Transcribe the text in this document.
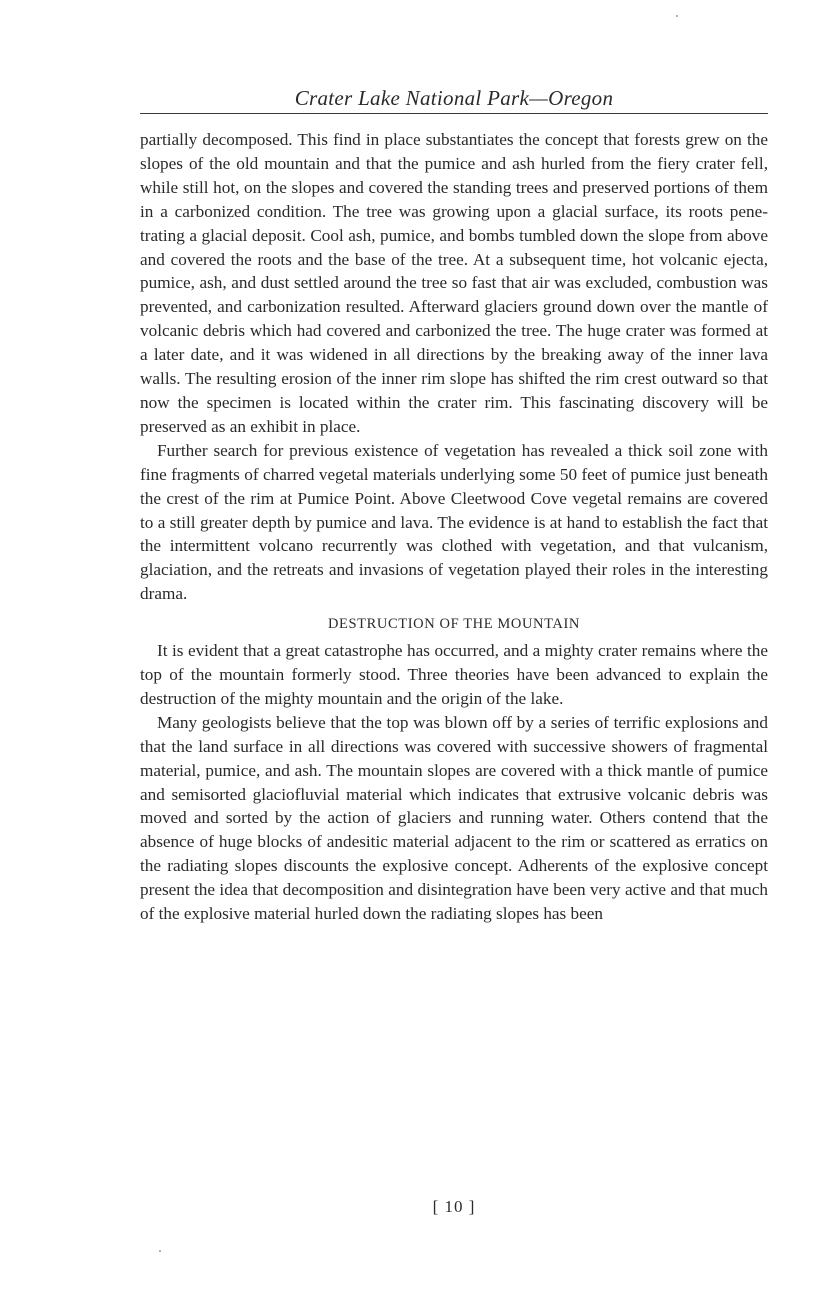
Crater Lake National Park—Oregon

partially decomposed. This find in place substantiates the concept that forests grew on the slopes of the old mountain and that the pumice and ash hurled from the fiery crater fell, while still hot, on the slopes and covered the standing trees and preserved portions of them in a carbonized condition. The tree was growing upon a glacial surface, its roots penetrating a glacial deposit. Cool ash, pumice, and bombs tumbled down the slope from above and covered the roots and the base of the tree. At a subsequent time, hot volcanic ejecta, pumice, ash, and dust settled around the tree so fast that air was excluded, combustion was prevented, and carbonization resulted. Afterward glaciers ground down over the mantle of volcanic debris which had covered and carbonized the tree. The huge crater was formed at a later date, and it was widened in all directions by the breaking away of the inner lava walls. The resulting erosion of the inner rim slope has shifted the rim crest outward so that now the specimen is located within the crater rim. This fascinating discovery will be preserved as an exhibit in place.

Further search for previous existence of vegetation has revealed a thick soil zone with fine fragments of charred vegetal materials underlying some 50 feet of pumice just beneath the crest of the rim at Pumice Point. Above Cleetwood Cove vegetal remains are covered to a still greater depth by pumice and lava. The evidence is at hand to establish the fact that the intermittent volcano recurrently was clothed with vegetation, and that vulcanism, glaciation, and the retreats and invasions of vegetation played their roles in the interesting drama.

DESTRUCTION OF THE MOUNTAIN

It is evident that a great catastrophe has occurred, and a mighty crater remains where the top of the mountain formerly stood. Three theories have been advanced to explain the destruction of the mighty mountain and the origin of the lake.

Many geologists believe that the top was blown off by a series of terrific explosions and that the land surface in all directions was covered with successive showers of fragmental material, pumice, and ash. The mountain slopes are covered with a thick mantle of pumice and semisorted glaciofluvial material which indicates that extrusive volcanic debris was moved and sorted by the action of glaciers and running water. Others contend that the absence of huge blocks of andesitic material adjacent to the rim or scattered as erratics on the radiating slopes discounts the explosive concept. Adherents of the explosive concept present the idea that decomposition and disintegration have been very active and that much of the explosive material hurled down the radiating slopes has been

[ 10 ]
